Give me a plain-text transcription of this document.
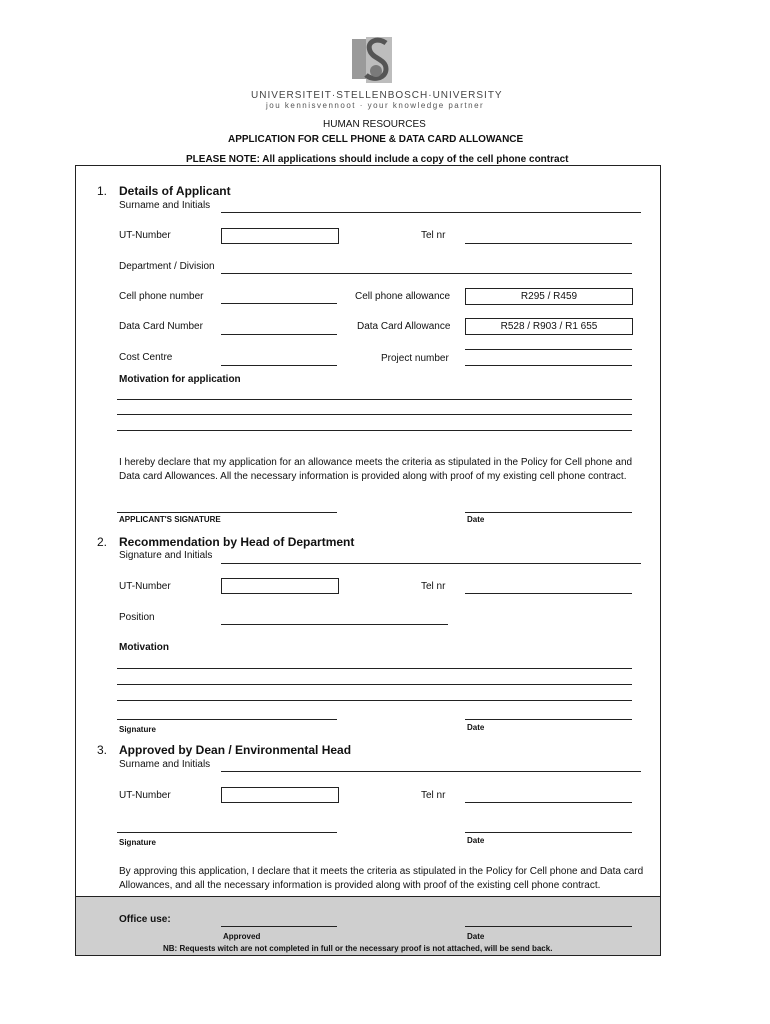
UNIVERSITEIT·STELLENBOSCH·UNIVERSITY
jou kennisvennoot · your knowledge partner
HUMAN RESOURCES
APPLICATION FOR CELL PHONE & DATA CARD ALLOWANCE
PLEASE NOTE: All applications should include a copy of the cell phone contract
1. Details of Applicant
Surname and Initials
UT-Number	Tel nr
Department / Division
Cell phone number	Cell phone allowance	R295 / R459
Data Card Number	Data Card Allowance	R528 / R903 / R1 655
Cost Centre	Project number
Motivation for application
I hereby declare that my application for an allowance meets the criteria as stipulated in the Policy for Cell phone and
Data card Allowances. All the necessary information is provided along with proof of my existing cell phone contract.
APPLICANT'S SIGNATURE	Date
2. Recommendation by Head of Department
Signature and Initials
UT-Number	Tel nr
Position
Motivation
Signature	Date
3. Approved by Dean / Environmental Head
Surname and Initials
UT-Number	Tel nr
Signature	Date
By approving this application, I declare that it meets the criteria as stipulated in the Policy for Cell phone and Data card
Allowances, and all the necessary information is provided along with proof of the existing cell phone contract.
Office use:
Approved	Date
NB: Requests witch are not completed in full or the necessary proof is not attached, will be send back.
